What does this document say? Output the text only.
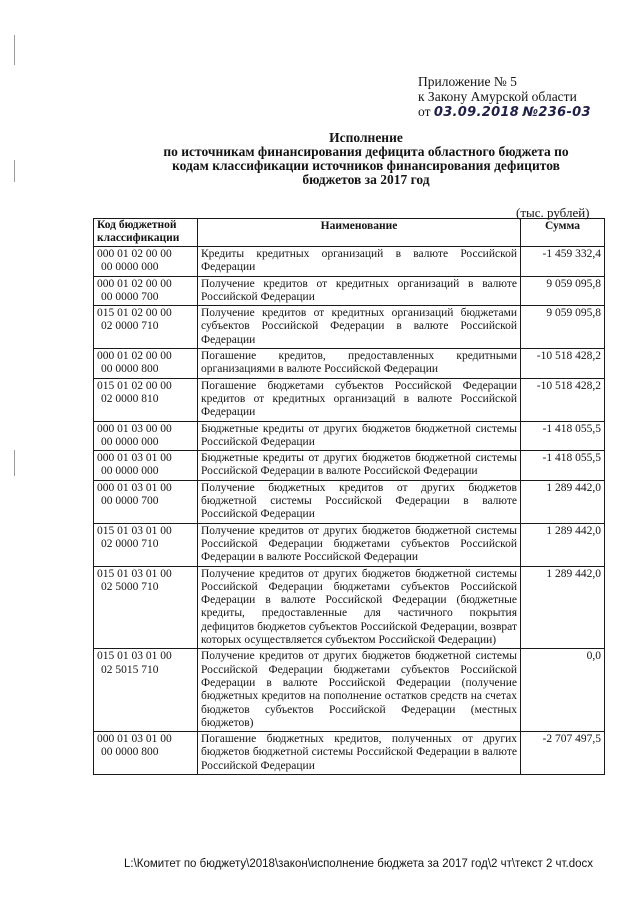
Приложение № 5
к Закону Амурской области
от 03.09.2018 №236-03
Исполнение
по источникам финансирования дефицита областного бюджета по
кодам классификации источников финансирования дефицитов
бюджетов за 2017 год
(тыс. рублей)
Код бюджетной классификации	Наименование	Сумма

000 01 02 00 00
00 0000 000	Кредиты кредитных организаций в валюте Российской Федерации	-1 459 332,4

000 01 02 00 00
00 0000 700	Получение кредитов от кредитных организаций в валюте Российской Федерации	9 059 095,8

015 01 02 00 00
02 0000 710	Получение кредитов от кредитных организаций бюджетами субъектов Российской Федерации в валюте Российской Федерации	9 059 095,8

000 01 02 00 00
00 0000 800	Погашение кредитов, предоставленных кредитными организациями в валюте Российской Федерации	-10 518 428,2

015 01 02 00 00
02 0000 810	Погашение бюджетами субъектов Российской Федерации кредитов от кредитных организаций в валюте Российской Федерации	-10 518 428,2

000 01 03 00 00
00 0000 000	Бюджетные кредиты от других бюджетов бюджетной системы Российской Федерации	-1 418 055,5

000 01 03 01 00
00 0000 000	Бюджетные кредиты от других бюджетов бюджетной системы Российской Федерации в валюте Российской Федерации	-1 418 055,5

000 01 03 01 00
00 0000 700	Получение бюджетных кредитов от других бюджетов бюджетной системы Российской Федерации в валюте Российской Федерации	1 289 442,0

015 01 03 01 00
02 0000 710	Получение кредитов от других бюджетов бюджетной системы Российской Федерации бюджетами субъектов Российской Федерации в валюте Российской Федерации	1 289 442,0

015 01 03 01 00
02 5000 710	Получение кредитов от других бюджетов бюджетной системы Российской Федерации бюджетами субъектов Российской Федерации в валюте Российской Федерации (бюджетные кредиты, предоставленные для частичного покрытия дефицитов бюджетов субъектов Российской Федерации, возврат которых осуществляется субъектом Российской Федерации)	1 289 442,0

015 01 03 01 00
02 5015 710	Получение кредитов от других бюджетов бюджетной системы Российской Федерации бюджетами субъектов Российской Федерации в валюте Российской Федерации (получение бюджетных кредитов на пополнение остатков средств на счетах бюджетов субъектов Российской Федерации (местных бюджетов)	0,0

000 01 03 01 00
00 0000 800	Погашение бюджетных кредитов, полученных от других бюджетов бюджетной системы Российской Федерации в валюте Российской Федерации	-2 707 497,5
L:\Комитет по бюджету\2018\закон\исполнение бюджета за 2017 год\2 чт\текст 2 чт.docx
